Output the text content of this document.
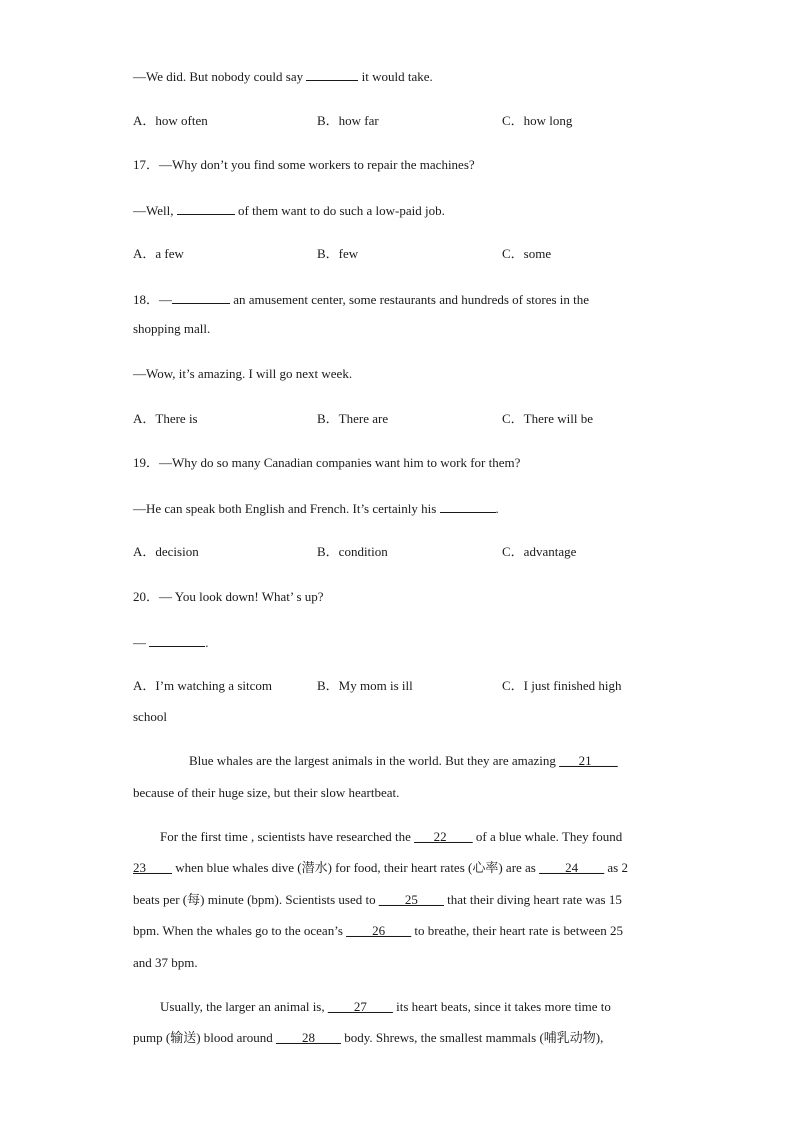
—We did. But nobody could say	it would take.
A．how often	B．how far	C．how long
17．—Why don’t you find some workers to repair the machines?
—Well,	of them want to do such a low-paid job.
A．a few	B．few	C．some
18．—	an amusement center, some restaurants and hundreds of stores in the
shopping mall.
—Wow, it’s amazing. I will go next week.
A．There is	B．There are	C．There will be
19．—Why do so many Canadian companies want him to work for them?
—He can speak both English and French. It’s certainly his	.
A．decision	B．condition	C．advantage
20．— You look down! What’ s up?
—	.
A．I’m watching a sitcom	B．My mom is ill	C．I just finished high
school
Blue whales are the largest animals in the world. But they are amazing ___21____
because of their huge size, but their slow heartbeat.
For the first time , scientists have researched the ___22____ of a blue whale. They found
23____ when blue whales dive (潜水) for food, their heart rates (心率) are as ____24____ as 2
beats per (每) minute (bpm). Scientists used to ____25____ that their diving heart rate was 15
bpm. When the whales go to the ocean’s ____26____ to breathe, their heart rate is between 25
and 37 bpm.
Usually, the larger an animal is, ____27____ its heart beats, since it takes more time to
pump (输送) blood around ____28____ body. Shrews, the smallest mammals (哺乳动物),
